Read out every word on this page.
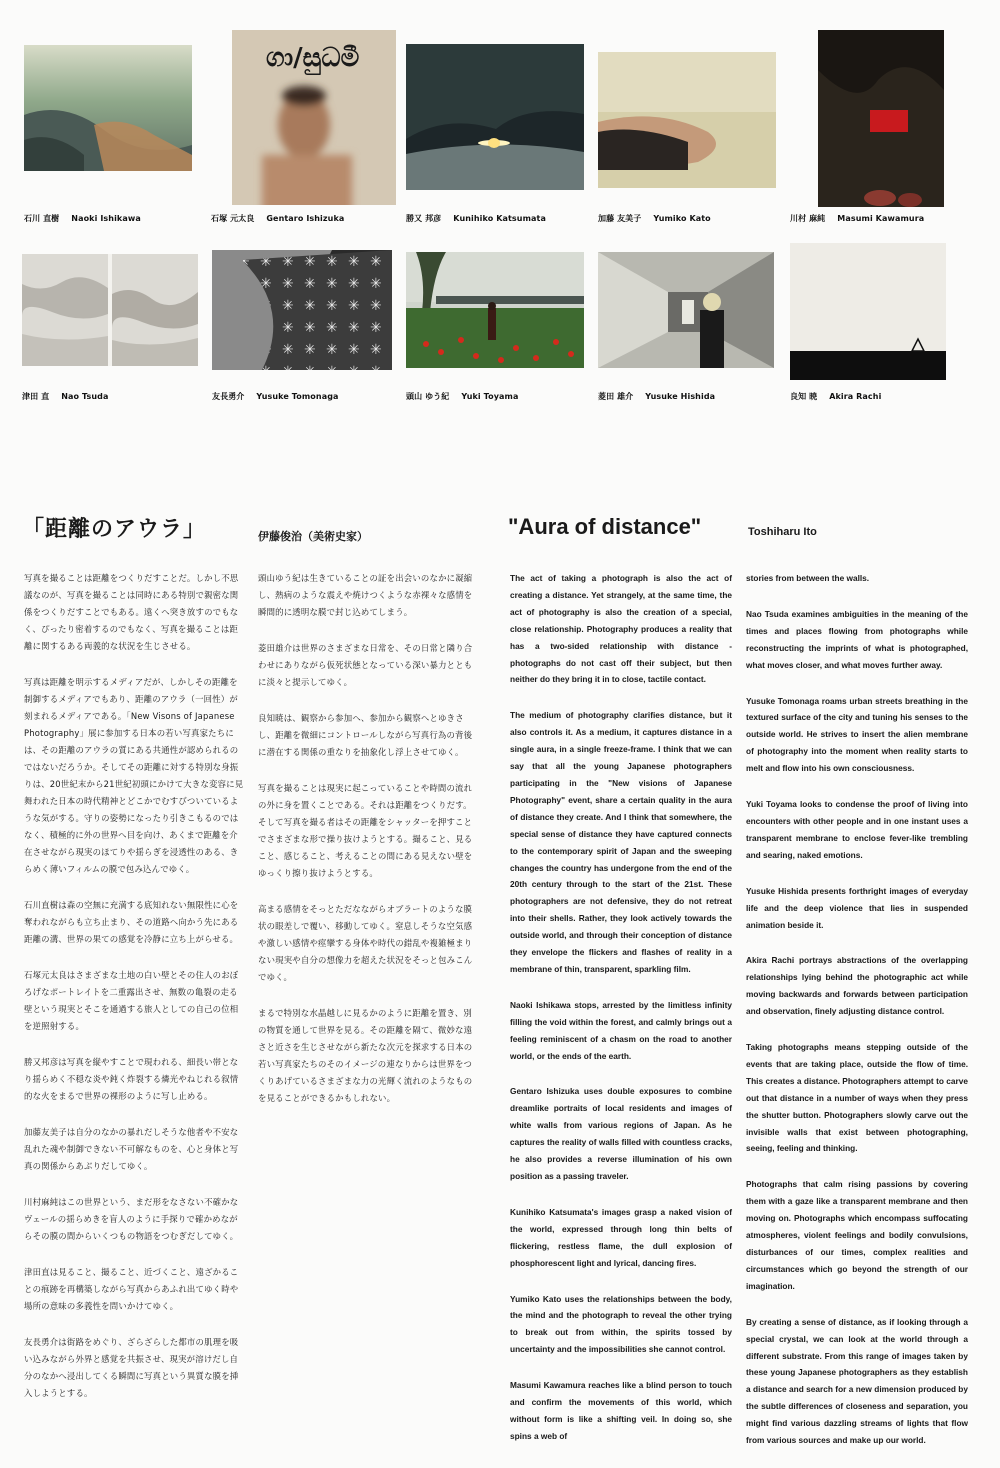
ගා/සුධමී
石川 直樹 Naoki Ishikawa	石塚 元太良 Gentaro Ishizuka	勝又 邦彦 Kunihiko Katsumata	加藤 友美子 Yumiko Kato	川村 麻純 Masumi Kawamura
津田 直 Nao Tsuda	友長勇介 Yusuke Tomonaga	頭山 ゆう紀 Yuki Toyama	菱田 雄介 Yusuke Hishida	良知 暁 Akira Rachi
「距離のアウラ」	伊藤俊治（美術史家）	"Aura of distance"	Toshiharu Ito

写真を撮ることは距離をつくりだすことだ。しかし不思議なのが、写真を撮ることは同時にある特別で親密な関係をつくりだすことでもある。遠くへ突き放すのでもなく、ぴったり密着するのでもなく、写真を撮ることは距離に関するある両義的な状況を生じさせる。

写真は距離を明示するメディアだが、しかしその距離を制御するメディアでもあり、距離のアウラ（一回性）が刻まれるメディアである。「New Visons of Japanese Photography」展に参加する日本の若い写真家たちには、その距離のアウラの質にある共通性が認められるのではないだろうか。そしてその距離に対する特別な身振りは、20世紀末から21世紀初頭にかけて大きな変容に見舞われた日本の時代精神とどこかでむすびついているような気がする。守りの姿勢になったり引きこもるのではなく、積極的に外の世界へ目を向け、あくまで距離を介在させながら現実のほてりや揺らぎを浸透性のある、きらめく薄いフィルムの膜で包み込んでゆく。

石川直樹は森の空無に充満する底知れない無限性に心を奪われながらも立ち止まり、その道路へ向かう先にある距離の溝、世界の果ての感覚を冷静に立ち上がらせる。

石塚元太良はさまざまな土地の白い壁とその住人のおぼろげなポートレイトを二重露出させ、無数の亀裂の走る壁という現実とそこを通過する旅人としての自己の位相を逆照射する。

勝又邦彦は写真を縦やすことで現われる、細長い帯となり揺らめく不穏な炎や鈍く炸裂する燐光やねじれる叙情的な火をまるで世界の裸形のように写し止める。

加藤友美子は自分のなかの暴れだしそうな他者や不安な乱れた魂や制御できない不可解なものを、心と身体と写真の関係からあぶりだしてゆく。

川村麻純はこの世界という、まだ形をなさない不確かなヴェールの揺らめきを盲人のように手探りで確かめながらその膜の間からいくつもの物語をつむぎだしてゆく。

津田直は見ること、撮ること、近づくこと、遠ざかることの痕跡を再構築しながら写真からあふれ出てゆく時や場所の意味の多義性を問いかけてゆく。

友長勇介は街路をめぐり、ざらざらした都市の肌理を吸い込みながら外界と感覚を共振させ、現実が溶けだし自分のなかへ浸出してくる瞬間に写真という異質な膜を挿入しようとする。

頭山ゆう紀は生きていることの証を出会いのなかに凝縮し、熱病のような震えや焼けつくような赤裸々な感情を瞬間的に透明な膜で封じ込めてしまう。

菱田雄介は世界のさまざまな日常を、その日常と隣り合わせにありながら仮死状態となっている深い暴力とともに淡々と提示してゆく。

良知暁は、観察から参加へ、参加から観察へとゆきさし、距離を微細にコントロールしながら写真行為の背後に潜在する関係の重なりを抽象化し浮上させてゆく。

写真を撮ることは現実に起こっていることや時間の流れの外に身を置くことである。それは距離をつくりだす。そして写真を撮る者はその距離をシャッターを押すことでさまざまな形で操り抜けようとする。撮ること、見ること、感じること、考えることの間にある見えない壁をゆっくり擦り抜けようとする。

高まる感情をそっとただなながらオブラートのような膜状の眼差しで覆い、移動してゆく。窒息しそうな空気感や激しい感情や痙攣する身体や時代の錯乱や複雑極まりない現実や自分の想像力を超えた状況をそっと包みこんでゆく。

まるで特別な水晶越しに見るかのように距離を置き、別の物質を通して世界を見る。その距離を隔て、微妙な遠さと近さを生じさせながら新たな次元を探求する日本の若い写真家たちのそのイメージの連なりからは世界をつくりあげているさまざまな力の光輝く流れのようなものを見ることができるかもしれない。

The act of taking a photograph is also the act of creating a distance. Yet strangely, at the same time, the act of photography is also the creation of a special, close relationship. Photography produces a reality that has a two-sided relationship with distance - photographs do not cast off their subject, but then neither do they bring it in to close, tactile contact.

The medium of photography clarifies distance, but it also controls it. As a medium, it captures distance in a single aura, in a single freeze-frame. I think that we can say that all the young Japanese photographers participating in the "New visions of Japanese Photography" event, share a certain quality in the aura of distance they create. And I think that somewhere, the special sense of distance they have captured connects to the contemporary spirit of Japan and the sweeping changes the country has undergone from the end of the 20th century through to the start of the 21st. These photographers are not defensive, they do not retreat into their shells. Rather, they look actively towards the outside world, and through their conception of distance they envelope the flickers and flashes of reality in a membrane of thin, transparent, sparkling film.

Naoki Ishikawa stops, arrested by the limitless infinity filling the void within the forest, and calmly brings out a feeling reminiscent of a chasm on the road to another world, or the ends of the earth.

Gentaro Ishizuka uses double exposures to combine dreamlike portraits of local residents and images of white walls from various regions of Japan. As he captures the reality of walls filled with countless cracks, he also provides a reverse illumination of his own position as a passing traveler.

Kunihiko Katsumata's images grasp a naked vision of the world, expressed through long thin belts of flickering, restless flame, the dull explosion of phosphorescent light and lyrical, dancing fires.

Yumiko Kato uses the relationships between the body, the mind and the photograph to reveal the other trying to break out from within, the spirits tossed by uncertainty and the impossibilities she cannot control.

Masumi Kawamura reaches like a blind person to touch and confirm the movements of this world, which without form is like a shifting veil. In doing so, she spins a web of

stories from between the walls.

Nao Tsuda examines ambiguities in the meaning of the times and places flowing from photographs while reconstructing the imprints of what is photographed, what moves closer, and what moves further away.

Yusuke Tomonaga roams urban streets breathing in the textured surface of the city and tuning his senses to the outside world. He strives to insert the alien membrane of photography into the moment when reality starts to melt and flow into his own consciousness.

Yuki Toyama looks to condense the proof of living into encounters with other people and in one instant uses a transparent membrane to enclose fever-like trembling and searing, naked emotions.

Yusuke Hishida presents forthright images of everyday life and the deep violence that lies in suspended animation beside it.

Akira Rachi portrays abstractions of the overlapping relationships lying behind the photographic act while moving backwards and forwards between participation and observation, finely adjusting distance control.

Taking photographs means stepping outside of the events that are taking place, outside the flow of time. This creates a distance. Photographers attempt to carve out that distance in a number of ways when they press the shutter button. Photographers slowly carve out the invisible walls that exist between photographing, seeing, feeling and thinking.

Photographs that calm rising passions by covering them with a gaze like a transparent membrane and then moving on. Photographs which encompass suffocating atmospheres, violent feelings and bodily convulsions, disturbances of our times, complex realities and circumstances which go beyond the strength of our imagination.

By creating a sense of distance, as if looking through a special crystal, we can look at the world through a different substrate. From this range of images taken by these young Japanese photographers as they establish a distance and search for a new dimension produced by the subtle differences of closeness and separation, you might find various dazzling streams of lights that flow from various sources and make up our world.
